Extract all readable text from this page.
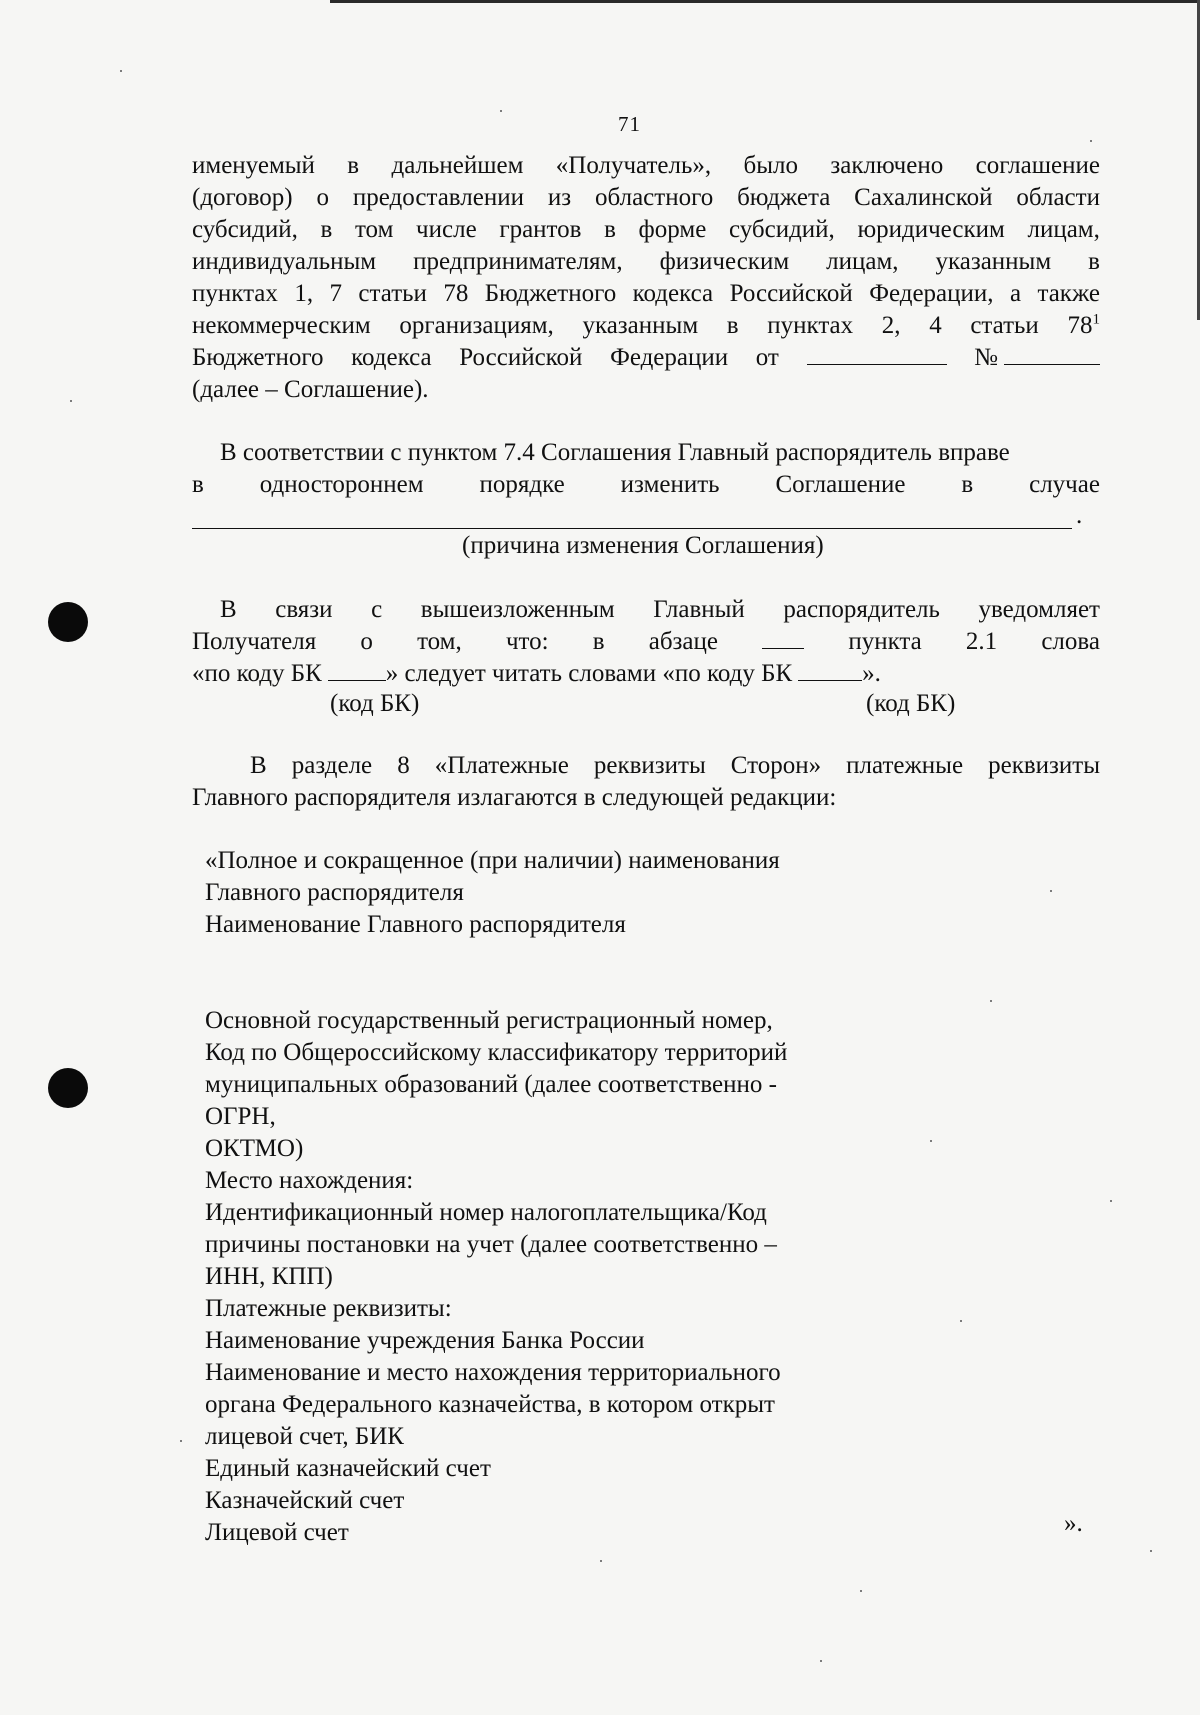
71
именуемый в дальнейшем «Получатель», было заключено соглашение
(договор) о предоставлении из областного бюджета Сахалинской области
субсидий, в том числе грантов в форме субсидий, юридическим лицам,
индивидуальным предпринимателям, физическим лицам, указанным в
пунктах 1, 7 статьи 78 Бюджетного кодекса Российской Федерации, а также
некоммерческим организациям, указанным в пунктах 2, 4 статьи $78^1$
Бюджетного кодекса Российской Федерации от	№
(далее – Соглашение).
В соответствии с пунктом 7.4 Соглашения Главный распорядитель вправе
в одностороннем порядке изменить Соглашение в случае
.
(причина изменения Соглашения)
В связи с вышеизложенным Главный распорядитель уведомляет
Получателя о том, что: в абзаце	пункта 2.1 слова
«по коду БК	» следует читать словами «по коду БК	».
(код БК)	(код БК)
В разделе 8 «Платежные реквизиты Сторон» платежные реквизиты
Главного распорядителя излагаются в следующей редакции:
«Полное и сокращенное (при наличии) наименования
Главного распорядителя
Наименование Главного распорядителя
Основной государственный регистрационный номер,
Код по Общероссийскому классификатору территорий
муниципальных образований (далее соответственно -
ОГРН,
ОКТМО)
Место нахождения:
Идентификационный номер налогоплательщика/Код
причины постановки на учет (далее соответственно –
ИНН, КПП)
Платежные реквизиты:
Наименование учреждения Банка России
Наименование и место нахождения территориального
органа Федерального казначейства, в котором открыт
лицевой счет, БИК
Единый казначейский счет
Казначейский счет
Лицевой счет	».
